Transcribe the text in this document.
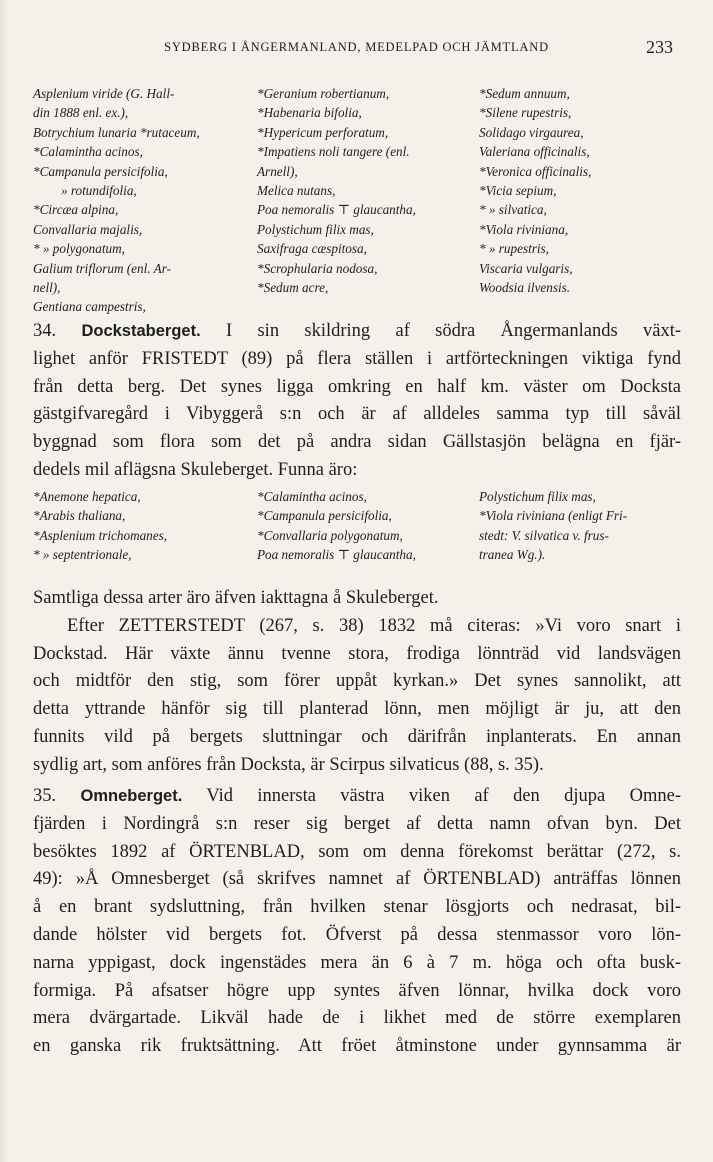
SYDBERG I ÅNGERMANLAND, MEDELPAD OCH JÄMTLAND	233
Asplenium viride (G. Hall-
din 1888 enl. ex.),
Botrychium lunaria *rutaceum,
*Calamintha acinos,
*Campanula persicifolia,
» rotundifolia,
*Circæa alpina,
Convallaria majalis,
* » polygonatum,
Galium triflorum (enl. Ar-
nell),
Gentiana campestris,
*Geranium robertianum,
*Habenaria bifolia,
*Hypericum perforatum,
*Impatiens noli tangere (enl.
Arnell),
Melica nutans,
Poa nemoralis ⊤ glaucantha,
Polystichum filix mas,
Saxifraga cæspitosa,
*Scrophularia nodosa,
*Sedum acre,
*Sedum annuum,
*Silene rupestris,
Solidago virgaurea,
Valeriana officinalis,
*Veronica officinalis,
*Vicia sepium,
* » silvatica,
*Viola riviniana,
* » rupestris,
Viscaria vulgaris,
Woodsia ilvensis.
34. Dockstaberget. I sin skildring af södra Ångermanlands växt-
lighet anför FRISTEDT (89) på flera ställen i artförteckningen viktiga fynd
från detta berg. Det synes ligga omkring en half km. väster om Docksta
gästgifvaregård i Vibyggerå s:n och är af alldeles samma typ till såväl
byggnad som flora som det på andra sidan Gällstasjön belägna en fjär-
dedels mil aflägsna Skuleberget. Funna äro:
*Anemone hepatica,
*Arabis thaliana,
*Asplenium trichomanes,
* » septentrionale,
*Calamintha acinos,
*Campanula persicifolia,
*Convallaria polygonatum,
Poa nemoralis ⊤ glaucantha,
Polystichum filix mas,
*Viola riviniana (enligt Fri-
stedt: V. silvatica v. frus-
tranea Wg.).
Samtliga dessa arter äro äfven iakttagna å Skuleberget.
Efter ZETTERSTEDT (267, s. 38) 1832 må citeras: »Vi voro snart i
Dockstad. Här växte ännu tvenne stora, frodiga lönnträd vid landsvägen
och midtför den stig, som förer uppåt kyrkan.» Det synes sannolikt, att
detta yttrande hänför sig till planterad lönn, men möjligt är ju, att den
funnits vild på bergets sluttningar och därifrån inplanterats. En annan
sydlig art, som anföres från Docksta, är Scirpus silvaticus (88, s. 35).
35. Omneberget. Vid innersta västra viken af den djupa Omne-
fjärden i Nordingrå s:n reser sig berget af detta namn ofvan byn. Det
besöktes 1892 af ÖRTENBLAD, som om denna förekomst berättar (272, s.
49): »Å Omnesberget (så skrifves namnet af ÖRTENBLAD) anträffas lönnen
å en brant sydsluttning, från hvilken stenar lösgjorts och nedrasat, bil-
dande hölster vid bergets fot. Öfverst på dessa stenmassor voro lön-
narna yppigast, dock ingenstädes mera än 6 à 7 m. höga och ofta busk-
formiga. På afsatser högre upp syntes äfven lönnar, hvilka dock voro
mera dvärgartade. Likväl hade de i likhet med de större exemplaren
en ganska rik fruktsättning. Att fröet åtminstone under gynnsamma är
